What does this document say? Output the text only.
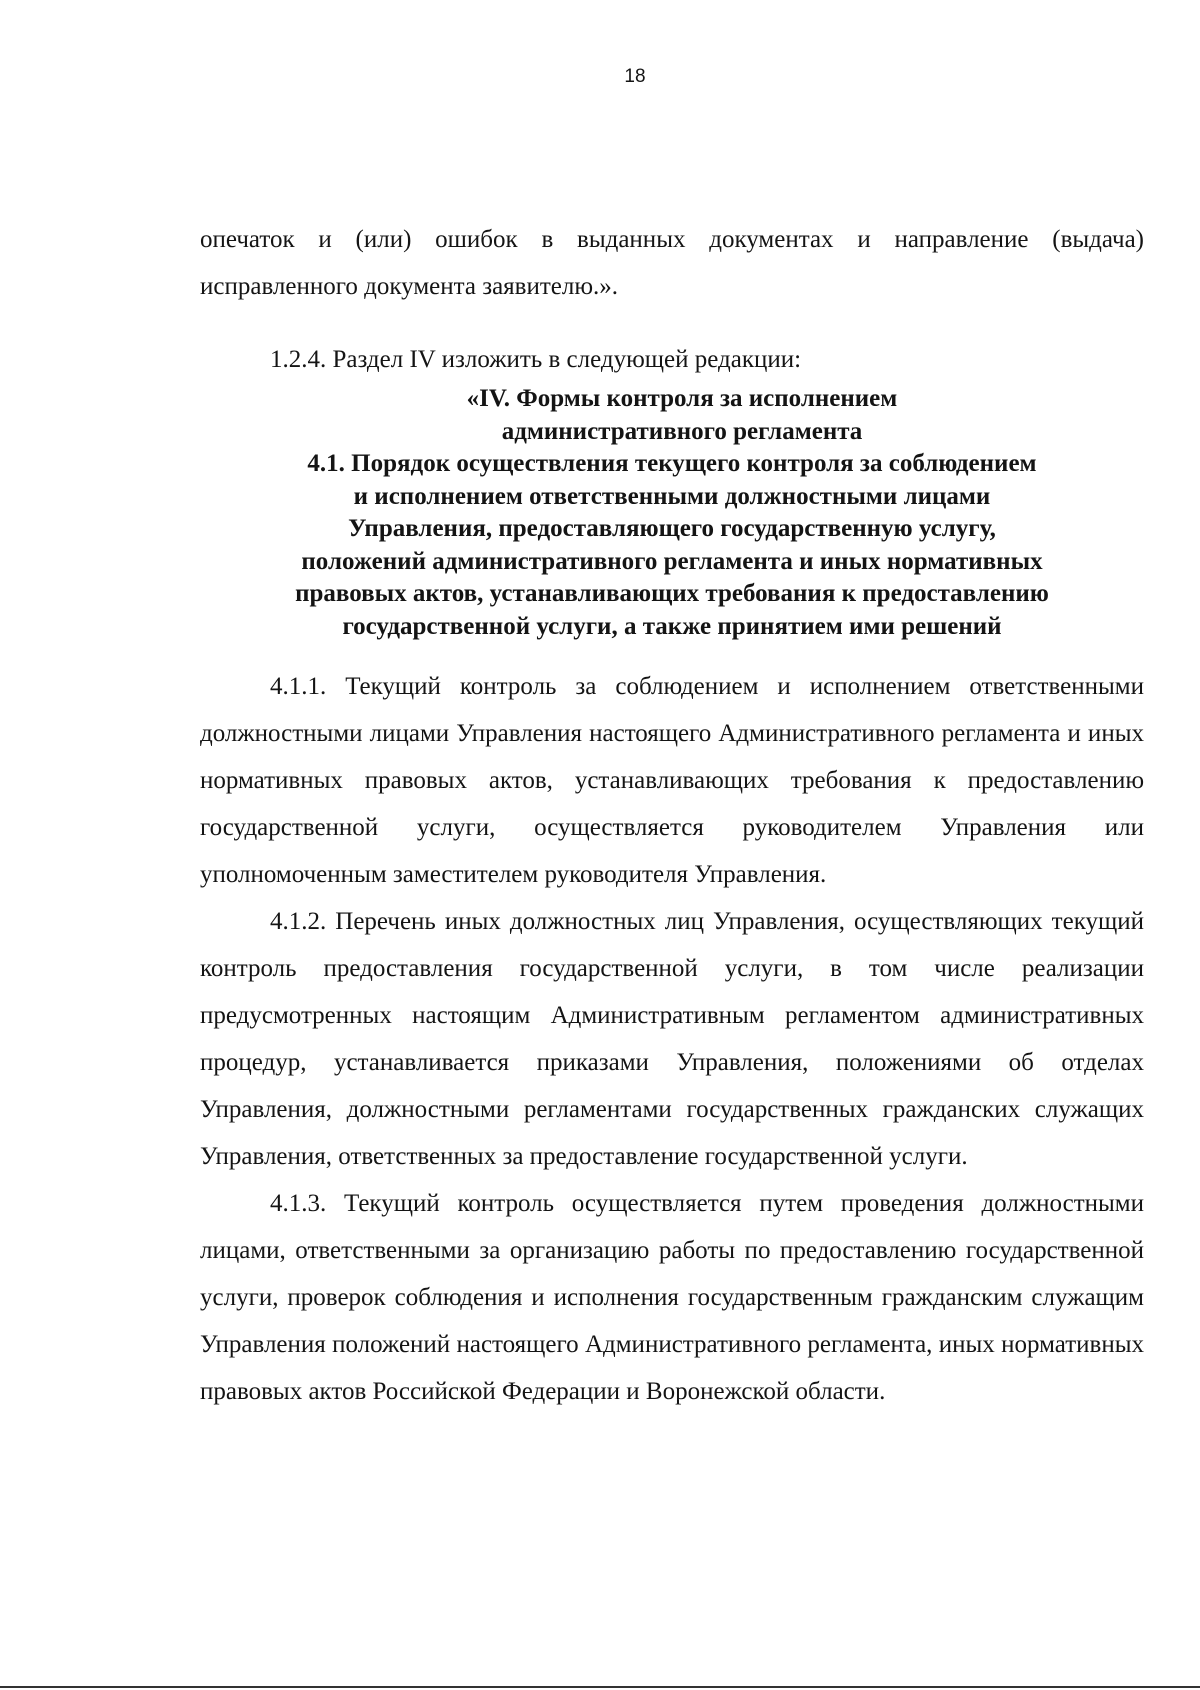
18

опечаток и (или) ошибок в выданных документах и направление (выдача) исправленного документа заявителю.».

1.2.4. Раздел IV изложить в следующей редакции:

«IV. Формы контроля за исполнением
административного регламента
4.1. Порядок осуществления текущего контроля за соблюдением
и исполнением ответственными должностными лицами
Управления, предоставляющего государственную услугу,
положений административного регламента и иных нормативных
правовых актов, устанавливающих требования к предоставлению
государственной услуги, а также принятием ими решений

4.1.1. Текущий контроль за соблюдением и исполнением ответственными должностными лицами Управления настоящего Административного регламента и иных нормативных правовых актов, устанавливающих требования к предоставлению государственной услуги, осуществляется руководителем Управления или уполномоченным заместителем руководителя Управления.

4.1.2. Перечень иных должностных лиц Управления, осуществляющих текущий контроль предоставления государственной услуги, в том числе реализации предусмотренных настоящим Административным регламентом административных процедур, устанавливается приказами Управления, положениями об отделах Управления, должностными регламентами государственных гражданских служащих Управления, ответственных за предоставление государственной услуги.

4.1.3. Текущий контроль осуществляется путем проведения должностными лицами, ответственными за организацию работы по предоставлению государственной услуги, проверок соблюдения и исполнения государственным гражданским служащим Управления положений настоящего Административного регламента, иных нормативных правовых актов Российской Федерации и Воронежской области.
